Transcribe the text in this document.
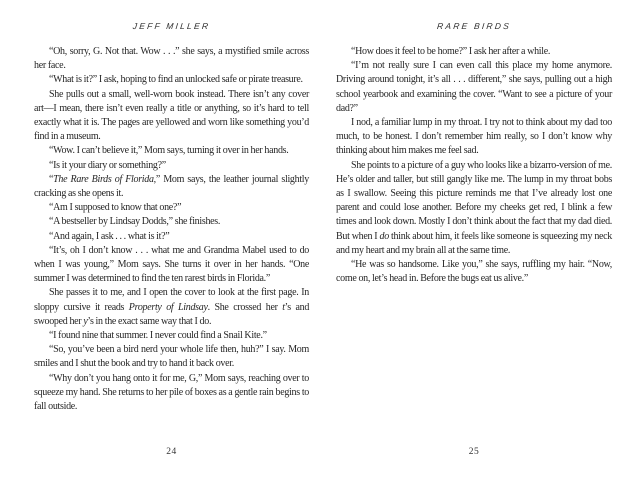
JEFF MILLER

“Oh, sorry, G. Not that. Wow . . .” she says, a mystified smile across her face.

“What is it?” I ask, hoping to find an unlocked safe or pirate treasure.

She pulls out a small, well-worn book instead. There isn’t any cover art—I mean, there isn’t even really a title or anything, so it’s hard to tell exactly what it is. The pages are yellowed and worn like something you’d find in a museum.

“Wow. I can’t believe it,” Mom says, turning it over in her hands.

“Is it your diary or something?”

“The Rare Birds of Florida,” Mom says, the leather journal slightly cracking as she opens it.

“Am I supposed to know that one?”

“A bestseller by Lindsay Dodds,” she finishes.

“And again, I ask . . . what is it?”

“It’s, oh I don’t know . . . what me and Grandma Mabel used to do when I was young,” Mom says. She turns it over in her hands. “One summer I was determined to find the ten rarest birds in Florida.”

She passes it to me, and I open the cover to look at the first page. In sloppy cursive it reads Property of Lindsay. She crossed her t’s and swooped her y’s in the exact same way that I do.

“I found nine that summer. I never could find a Snail Kite.”

“So, you’ve been a bird nerd your whole life then, huh?” I say. Mom smiles and I shut the book and try to hand it back over.

“Why don’t you hang onto it for me, G,” Mom says, reaching over to squeeze my hand. She returns to her pile of boxes as a gentle rain begins to fall outside.

24
RARE BIRDS

“How does it feel to be home?” I ask her after a while.

“I’m not really sure I can even call this place my home anymore. Driving around tonight, it’s all . . . different,” she says, pulling out a high school yearbook and examining the cover. “Want to see a picture of your dad?”

I nod, a familiar lump in my throat. I try not to think about my dad too much, to be honest. I don’t remember him really, so I don’t know why thinking about him makes me feel sad.

She points to a picture of a guy who looks like a bizarro-version of me. He’s older and taller, but still gangly like me. The lump in my throat bobs as I swallow. Seeing this picture reminds me that I’ve already lost one parent and could lose another. Before my cheeks get red, I blink a few times and look down. Mostly I don’t think about the fact that my dad died. But when I do think about him, it feels like someone is squeezing my neck and my heart and my brain all at the same time.

“He was so handsome. Like you,” she says, ruffling my hair. “Now, come on, let’s head in. Before the bugs eat us alive.”

25
